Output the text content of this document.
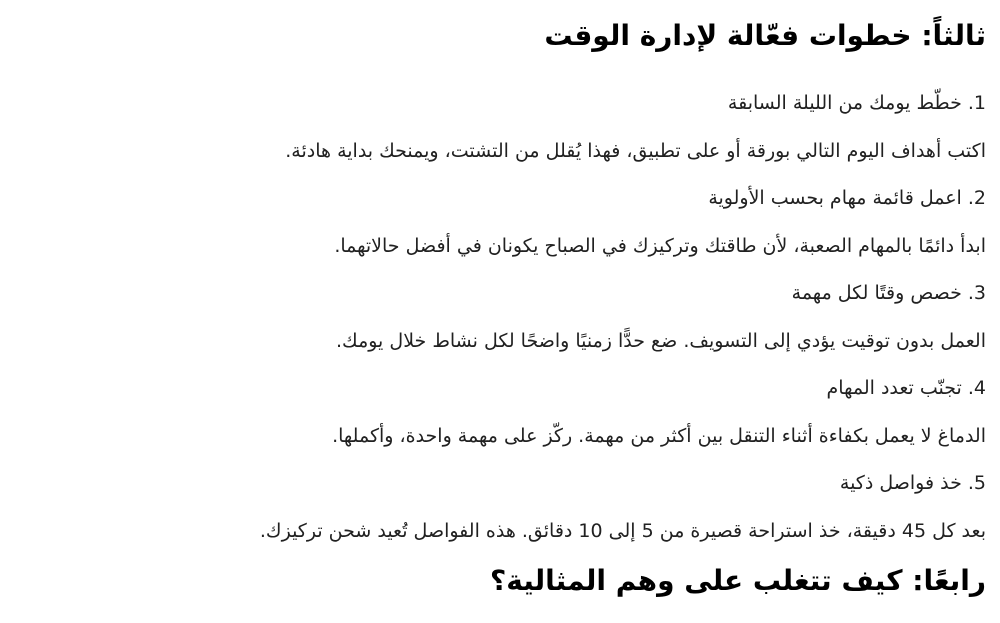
ثالثاً: خطوات فعّالة لإدارة الوقت

1. خطّط يومك من الليلة السابقة

اكتب أهداف اليوم التالي بورقة أو على تطبيق، فهذا يُقلل من التشتت، ويمنحك بداية هادئة.

2. اعمل قائمة مهام بحسب الأولوية

ابدأ دائمًا بالمهام الصعبة، لأن طاقتك وتركيزك في الصباح يكونان في أفضل حالاتهما.

3. خصص وقتًا لكل مهمة

العمل بدون توقيت يؤدي إلى التسويف. ضع حدًّا زمنيًا واضحًا لكل نشاط خلال يومك.

4. تجنّب تعدد المهام

الدماغ لا يعمل بكفاءة أثناء التنقل بين أكثر من مهمة. ركّز على مهمة واحدة، وأكملها.

5. خذ فواصل ذكية

بعد كل 45 دقيقة، خذ استراحة قصيرة من 5 إلى 10 دقائق. هذه الفواصل تُعيد شحن تركيزك.

رابعًا: كيف تتغلب على وهم المثالية؟
